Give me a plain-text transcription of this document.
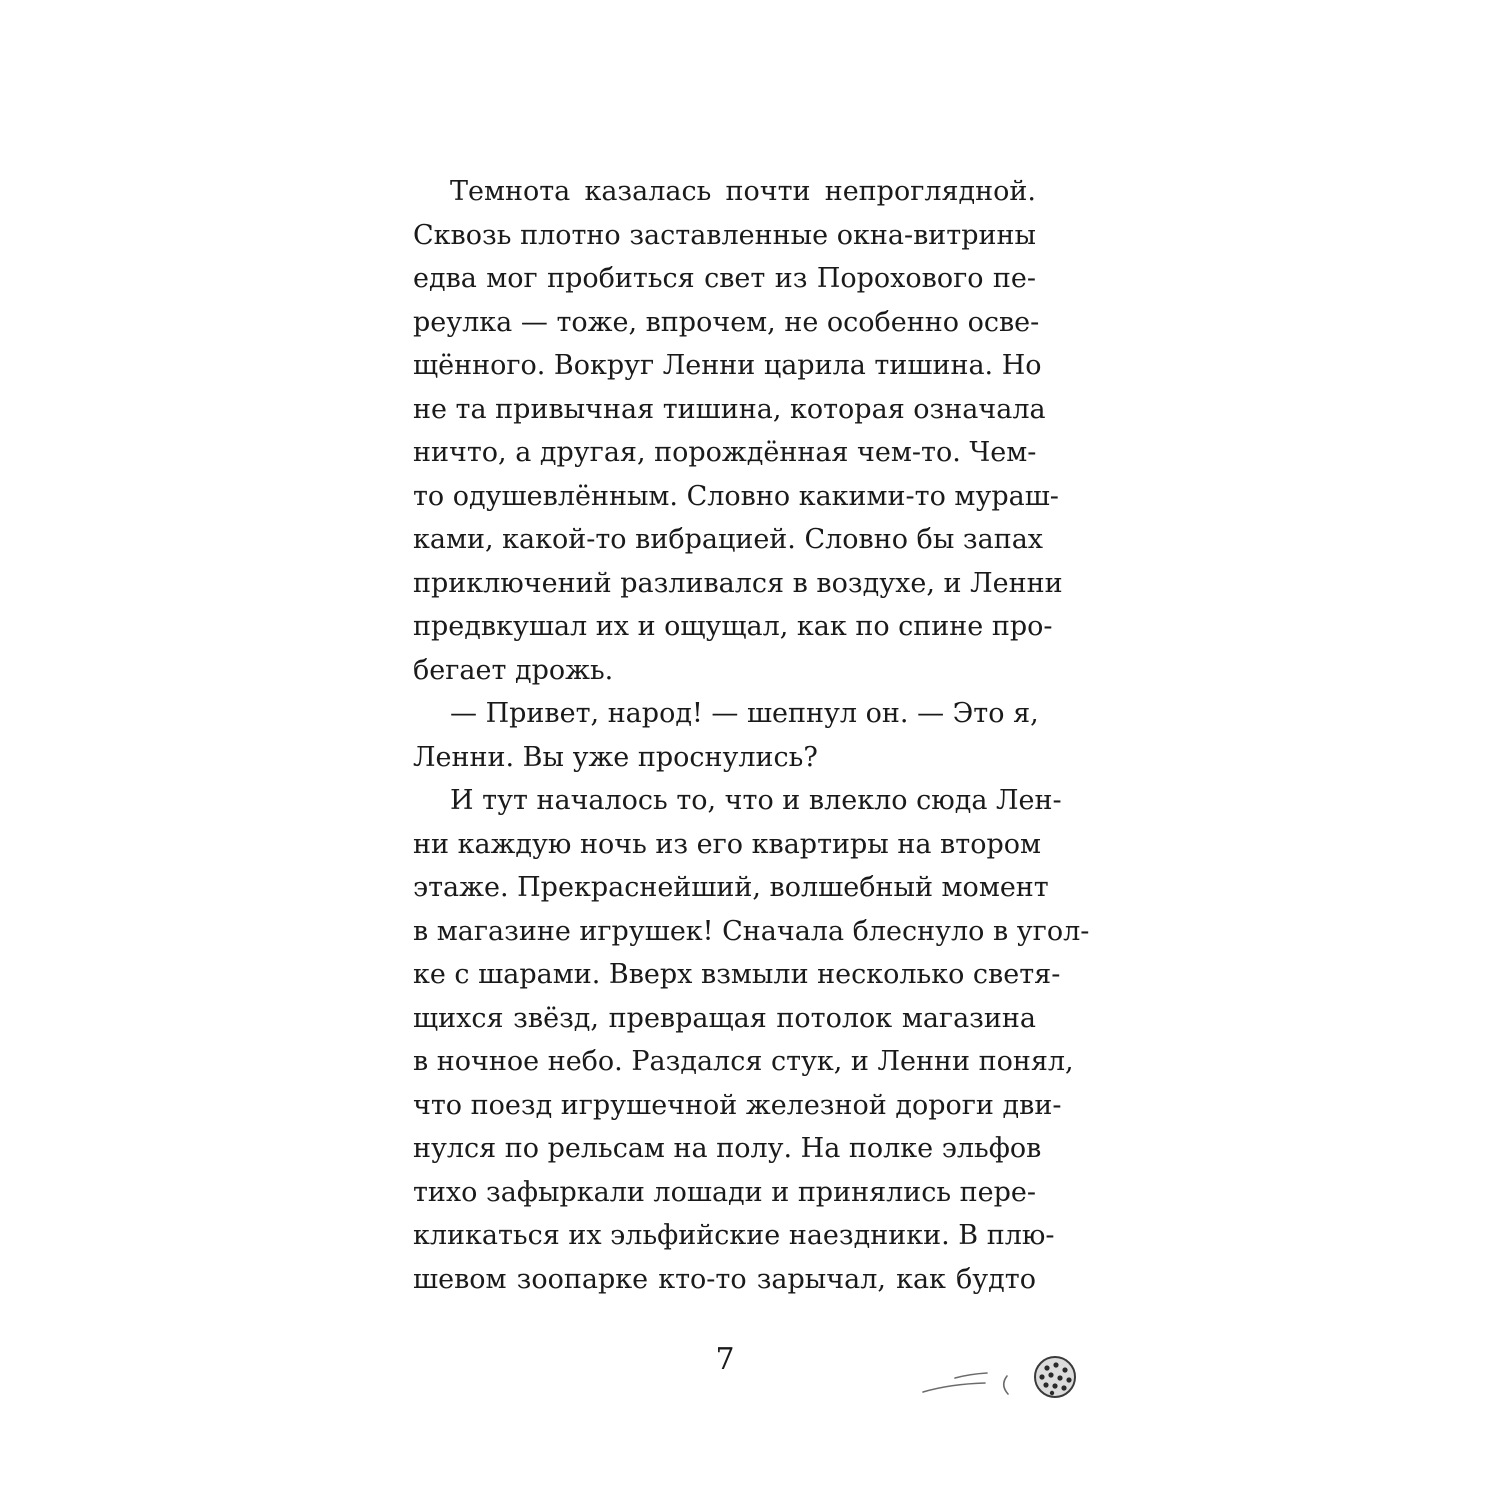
Темнота казалась почти непроглядной.
Сквозь плотно заставленные окна-витрины
едва мог пробиться свет из Порохового пе-
реулка — тоже, впрочем, не особенно осве-
щённого. Вокруг Ленни царила тишина. Но
не та привычная тишина, которая означала
ничто, а другая, порождённая чем-то. Чем-
то одушевлённым. Словно какими-то мураш-
ками, какой-то вибрацией. Словно бы запах
приключений разливался в воздухе, и Ленни
предвкушал их и ощущал, как по спине про-
бегает дрожь.
— Привет, народ! — шепнул он. — Это я,
Ленни. Вы уже проснулись?
И тут началось то, что и влекло сюда Лен-
ни каждую ночь из его квартиры на втором
этаже. Прекраснейший, волшебный момент
в магазине игрушек! Сначала блеснуло в угол-
ке с шарами. Вверх взмыли несколько светя-
щихся звёзд, превращая потолок магазина
в ночное небо. Раздался стук, и Ленни понял,
что поезд игрушечной железной дороги дви-
нулся по рельсам на полу. На полке эльфов
тихо зафыркали лошади и принялись пере-
кликаться их эльфийские наездники. В плю-
шевом зоопарке кто-то зарычал, как будто
7
